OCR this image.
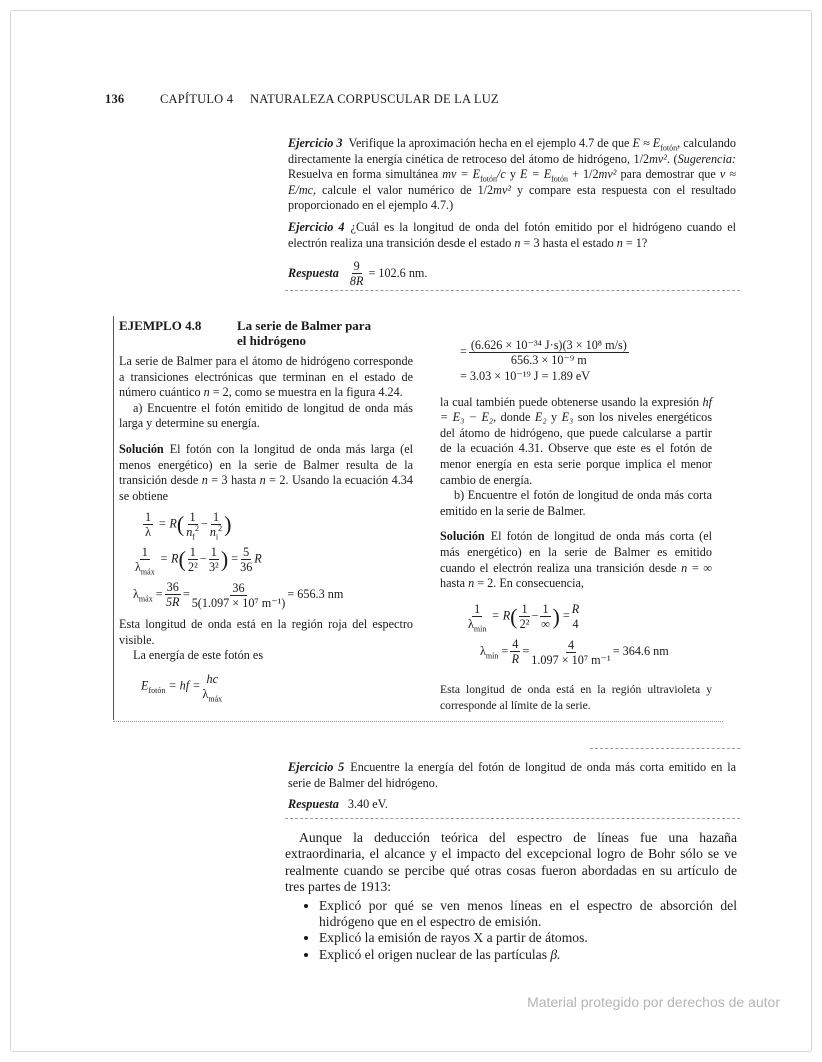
136	CAPÍTULO 4 NATURALEZA CORPUSCULAR DE LA LUZ
Ejercicio 3 Verifique la aproximación hecha en el ejemplo 4.7 de que $E \approx E_{fotón}$, calculando directamente la energía cinética de retroceso del átomo de hidrógeno, 1/2mv². (Sugerencia: Resuelva en forma simultánea mv = $E_{fotón}/c$ y $E = E_{fotón} + 1/2mv^2$ para demostrar que v ≈ E/mc, calcule el valor numérico de 1/2mv² y compare esta respuesta con el resultado proporcionado en el ejemplo 4.7.)

Ejercicio 4 ¿Cuál es la longitud de onda del fotón emitido por el hidrógeno cuando el electrón realiza una transición desde el estado n = 3 hasta el estado n = 1?

Respuesta $\frac{9}{8R} = 102.6$ nm.

EJEMPLO 4.8	La serie de Balmer para
el hidrógeno

La serie de Balmer para el átomo de hidrógeno corresponde a transiciones electrónicas que terminan en el estado de número cuántico n = 2, como se muestra en la figura 4.24.

a) Encuentre el fotón emitido de longitud de onda más larga y determine su energía.

Solución El fotón con la longitud de onda más larga (el menos energético) en la serie de Balmer resulta de la transición desde n = 3 hasta n = 2. Usando la ecuación 4.34 se obtiene

$\frac{1}{\lambda} = R( \frac{1}{n_f^2} - \frac{1}{n_i^2}$ )
$\frac{1}{\lambda_{máx}} = R( \frac{1}{\text{2²}} - \frac{1}{\text{3²}}$ ) = $\frac{5}{36}$ R
$\lambda_{máx} = \frac{36}{5R} = \frac{36}{\text{5(1.097 × 10⁷ m⁻¹)}} = 656.3$ nm

Esta longitud de onda está en la región roja del espectro visible.

La energía de este fotón es

$E_{fotón}$ = hf = hc
$\lambda_{máx}$
= $\frac{\text{(6.626 × 10⁻³⁴ J·s)(3 × 10⁸ m/s)}}{\text{656.3 × 10⁻⁹ m}}$
= 3.03 × 10⁻¹⁹ J = 1.89 eV

la cual también puede obtenerse usando la expresión hf = E₃ − E₂, donde E₂ y E₃ son los niveles energéticos del átomo de hidrógeno, que puede calcularse a partir de la ecuación 4.31. Observe que este es el fotón de menor energía en esta serie porque implica el menor cambio de energía.

b) Encuentre el fotón de longitud de onda más corta emitido en la serie de Balmer.

Solución El fotón de longitud de onda más corta (el más energético) en la serie de Balmer es emitido cuando el electrón realiza una transición desde n = ∞ hasta n = 2. En consecuencia,

$\frac{1}{\lambda_{mín}} = R( \frac{1}{\text{2²}} - \frac{1}{\infty}$ ) = R
4
$\lambda_{mín} = \frac{4}{R} = \frac{4}{\text{1.097 × 10⁷ m⁻¹}} = 364.6$ nm

Esta longitud de onda está en la región ultravioleta y corresponde al límite de la serie.

Ejercicio 5 Encuentre la energía del fotón de longitud de onda más corta emitido en la serie de Balmer del hidrógeno.

Respuesta 3.40 eV.

Aunque la deducción teórica del espectro de líneas fue una hazaña extraordinaria, el alcance y el impacto del excepcional logro de Bohr sólo se ve realmente cuando se percibe qué otras cosas fueron abordadas en su artículo de tres partes de 1913:

• Explicó por qué se ven menos líneas en el espectro de absorción del hidrógeno que en el espectro de emisión.
• Explicó la emisión de rayos X a partir de átomos.
• Explicó el origen nuclear de las partículas β.
Material protegido por derechos de autor
